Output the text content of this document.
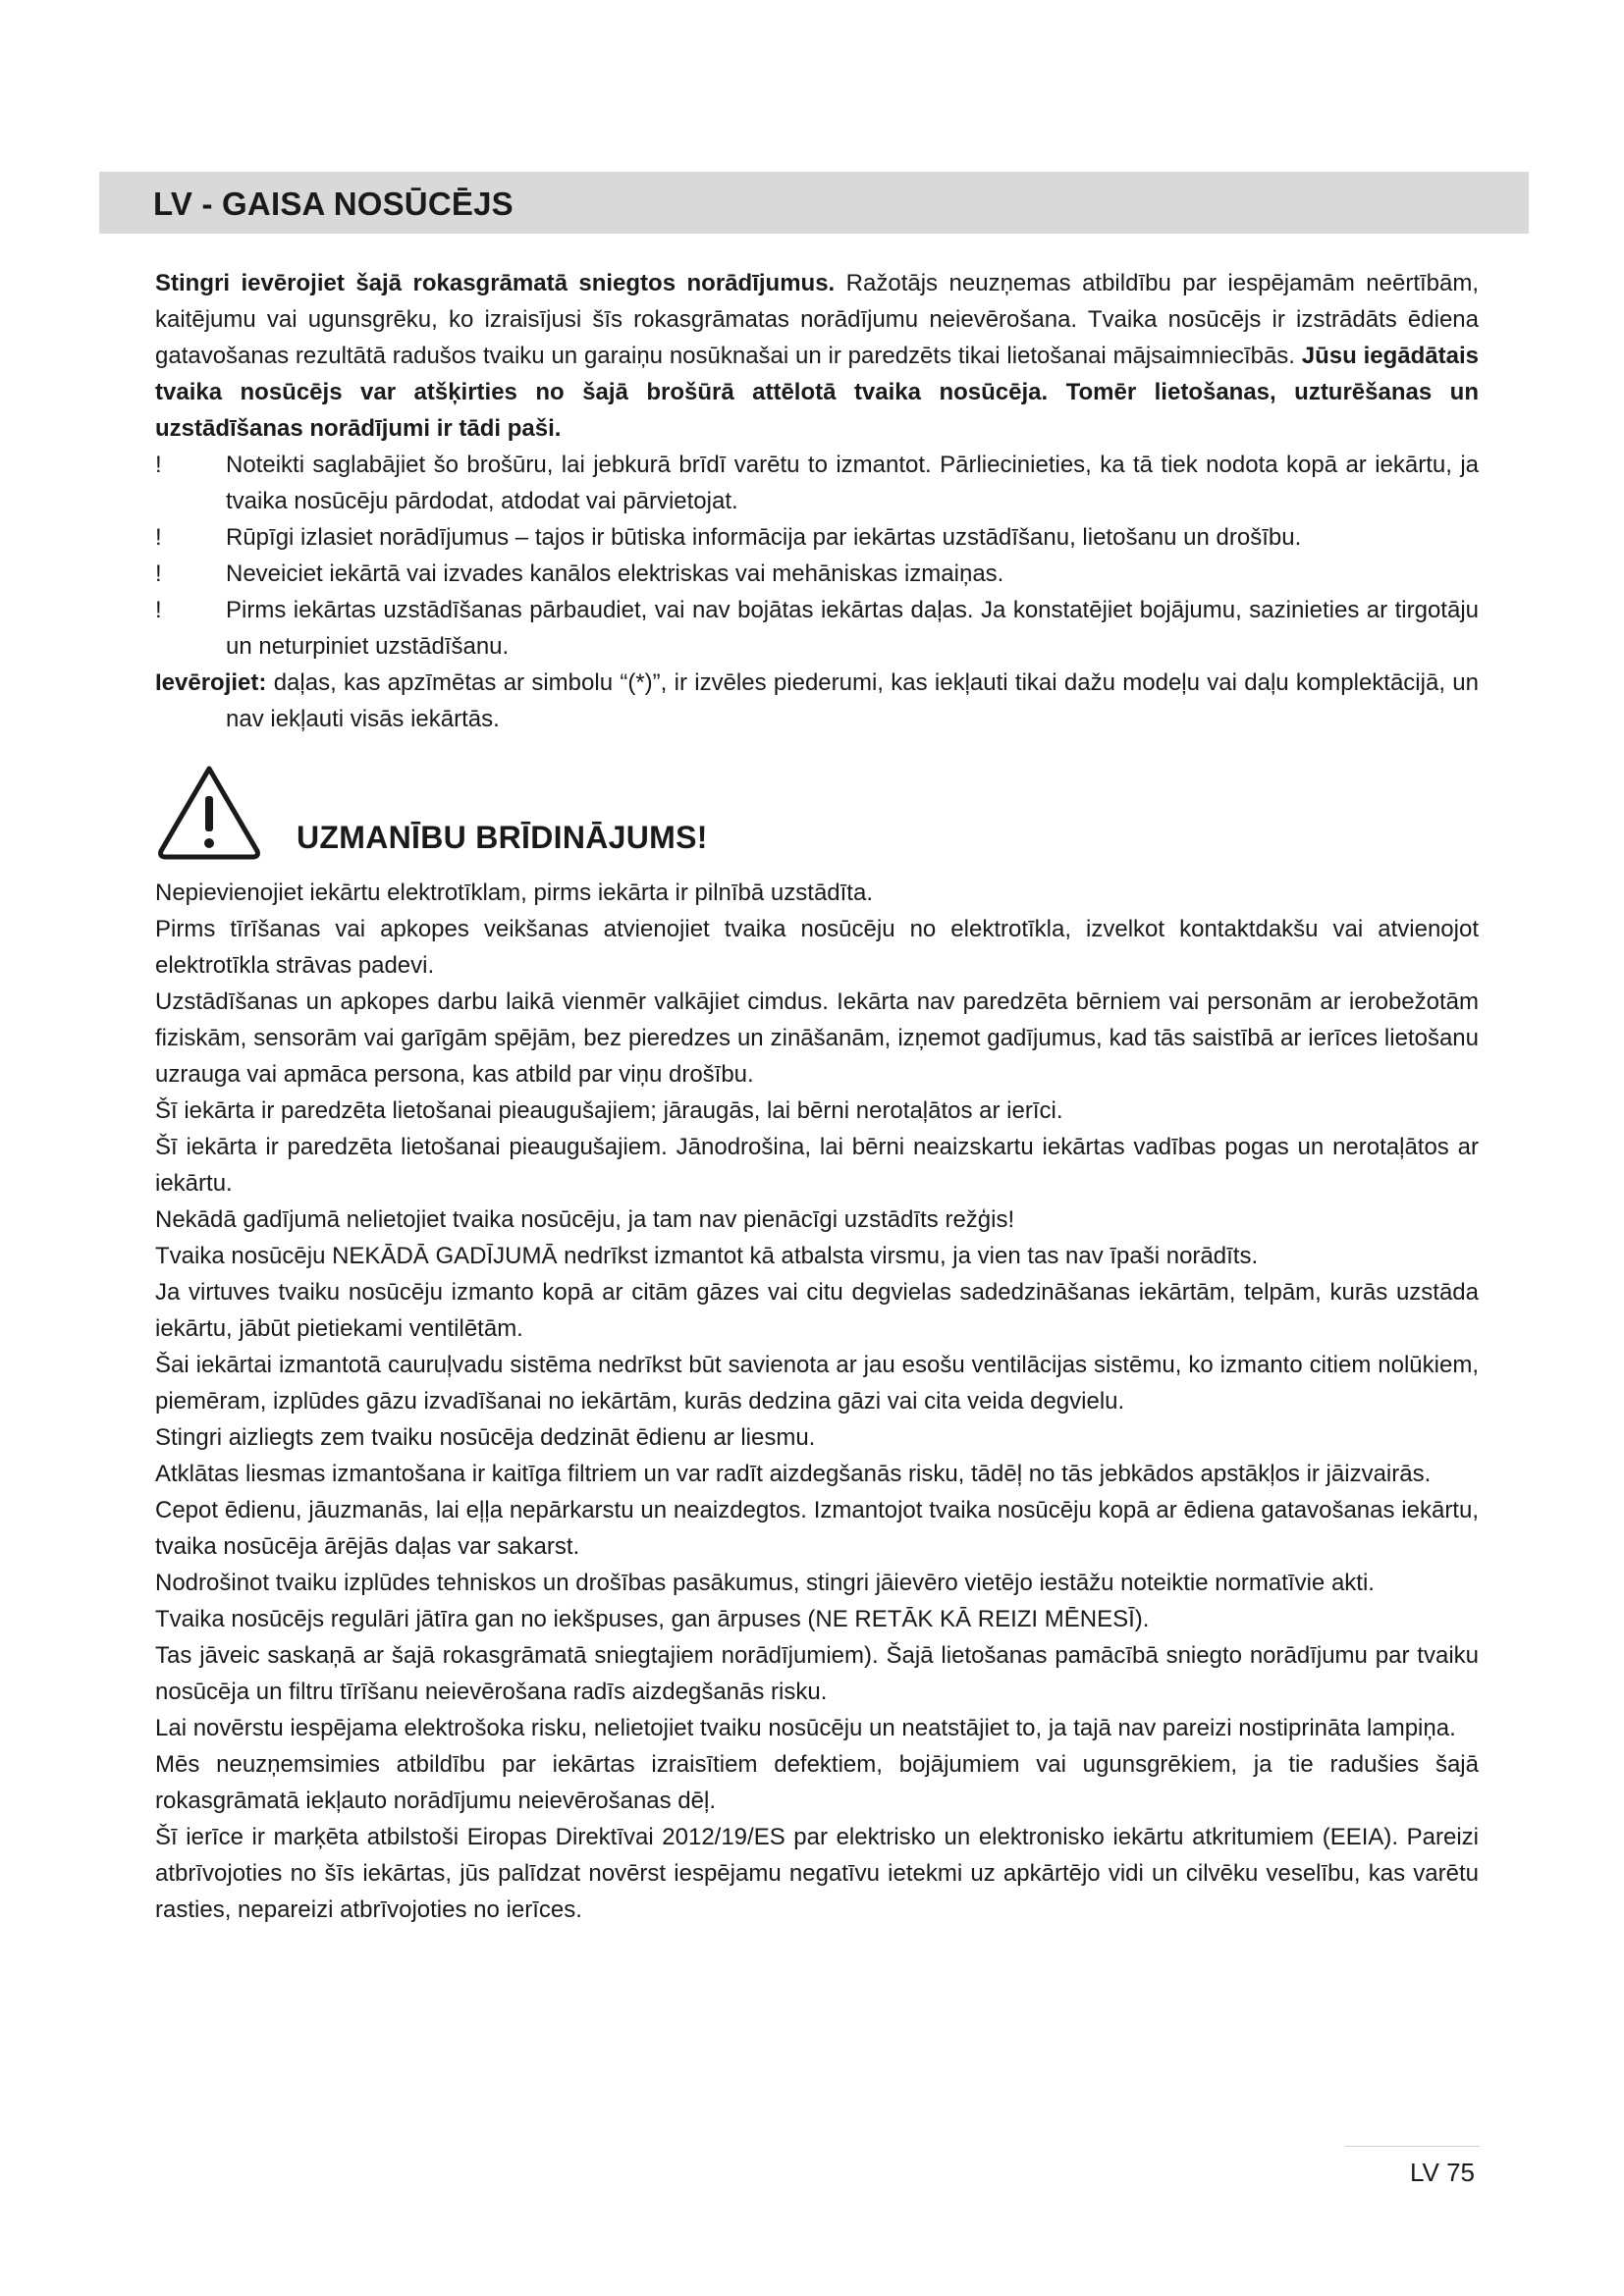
LV - GAISA NOSŪCĒJS

Stingri ievērojiet šajā rokasgrāmatā sniegtos norādījumus. Ražotājs neuzņemas atbildību par iespējamām neērtībām, kaitējumu vai ugunsgrēku, ko izraisījusi šīs rokasgrāmatas norādījumu neievērošana. Tvaika nosūcējs ir izstrādāts ēdiena gatavošanas rezultātā radušos tvaiku un garaiņu nosūknašai un ir paredzēts tikai lietošanai mājsaimniecībās. Jūsu iegādātais tvaika nosūcējs var atšķirties no šajā brošūrā attēlotā tvaika nosūcēja. Tomēr lietošanas, uzturēšanas un uzstādīšanas norādījumi ir tādi paši.

!	Noteikti saglabājiet šo brošūru, lai jebkurā brīdī varētu to izmantot. Pārliecinieties, ka tā tiek nodota kopā ar iekārtu, ja tvaika nosūcēju pārdodat, atdodat vai pārvietojat.
!	Rūpīgi izlasiet norādījumus – tajos ir būtiska informācija par iekārtas uzstādīšanu, lietošanu un drošību.
!	Neveiciet iekārtā vai izvades kanālos elektriskas vai mehāniskas izmaiņas.
!	Pirms iekārtas uzstādīšanas pārbaudiet, vai nav bojātas iekārtas daļas. Ja konstatējiet bojājumu, sazinieties ar tirgotāju un neturpiniet uzstādīšanu.
Ievērojiet: daļas, kas apzīmētas ar simbolu “(*)”, ir izvēles piederumi, kas iekļauti tikai dažu modeļu vai daļu komplektācijā, un nav iekļauti visās iekārtās.
UZMANĪBU BRĪDINĀJUMS!

Nepievienojiet iekārtu elektrotīklam, pirms iekārta ir pilnībā uzstādīta.

Pirms tīrīšanas vai apkopes veikšanas atvienojiet tvaika nosūcēju no elektrotīkla, izvelkot kontaktdakšu vai atvienojot elektrotīkla strāvas padevi.

Uzstādīšanas un apkopes darbu laikā vienmēr valkājiet cimdus. Iekārta nav paredzēta bērniem vai personām ar ierobežotām fiziskām, sensorām vai garīgām spējām, bez pieredzes un zināšanām, izņemot gadījumus, kad tās saistībā ar ierīces lietošanu uzrauga vai apmāca persona, kas atbild par viņu drošību.

Šī iekārta ir paredzēta lietošanai pieaugušajiem; jāraugās, lai bērni nerotaļātos ar ierīci.

Šī iekārta ir paredzēta lietošanai pieaugušajiem. Jānodrošina, lai bērni neaizskartu iekārtas vadības pogas un nerotaļātos ar iekārtu.

Nekādā gadījumā nelietojiet tvaika nosūcēju, ja tam nav pienācīgi uzstādīts režģis!

Tvaika nosūcēju NEKĀDĀ GADĪJUMĀ nedrīkst izmantot kā atbalsta virsmu, ja vien tas nav īpaši norādīts.

Ja virtuves tvaiku nosūcēju izmanto kopā ar citām gāzes vai citu degvielas sadedzināšanas iekārtām, telpām, kurās uzstāda iekārtu, jābūt pietiekami ventilētām.

Šai iekārtai izmantotā cauruļvadu sistēma nedrīkst būt savienota ar jau esošu ventilācijas sistēmu, ko izmanto citiem nolūkiem, piemēram, izplūdes gāzu izvadīšanai no iekārtām, kurās dedzina gāzi vai cita veida degvielu.

Stingri aizliegts zem tvaiku nosūcēja dedzināt ēdienu ar liesmu.

Atklātas liesmas izmantošana ir kaitīga filtriem un var radīt aizdegšanās risku, tādēļ no tās jebkādos apstākļos ir jāizvairās.

Cepot ēdienu, jāuzmanās, lai eļļa nepārkarstu un neaizdegtos. Izmantojot tvaika nosūcēju kopā ar ēdiena gatavošanas iekārtu, tvaika nosūcēja ārējās daļas var sakarst.

Nodrošinot tvaiku izplūdes tehniskos un drošības pasākumus, stingri jāievēro vietējo iestāžu noteiktie normatīvie akti.

Tvaika nosūcējs regulāri jātīra gan no iekšpuses, gan ārpuses (NE RETĀK KĀ REIZI MĒNESĪ).

Tas jāveic saskaņā ar šajā rokasgrāmatā sniegtajiem norādījumiem). Šajā lietošanas pamācībā sniegto norādījumu par tvaiku nosūcēja un filtru tīrīšanu neievērošana radīs aizdegšanās risku.

Lai novērstu iespējama elektrošoka risku, nelietojiet tvaiku nosūcēju un neatstājiet to, ja tajā nav pareizi nostiprināta lampiņa.

Mēs neuzņemsimies atbildību par iekārtas izraisītiem defektiem, bojājumiem vai ugunsgrēkiem, ja tie radušies šajā rokasgrāmatā iekļauto norādījumu neievērošanas dēļ.

Šī ierīce ir marķēta atbilstoši Eiropas Direktīvai 2012/19/ES par elektrisko un elektronisko iekārtu atkritumiem (EEIA). Pareizi atbrīvojoties no šīs iekārtas, jūs palīdzat novērst iespējamu negatīvu ietekmi uz apkārtējo vidi un cilvēku veselību, kas varētu rasties, nepareizi atbrīvojoties no ierīces.

LV 75
